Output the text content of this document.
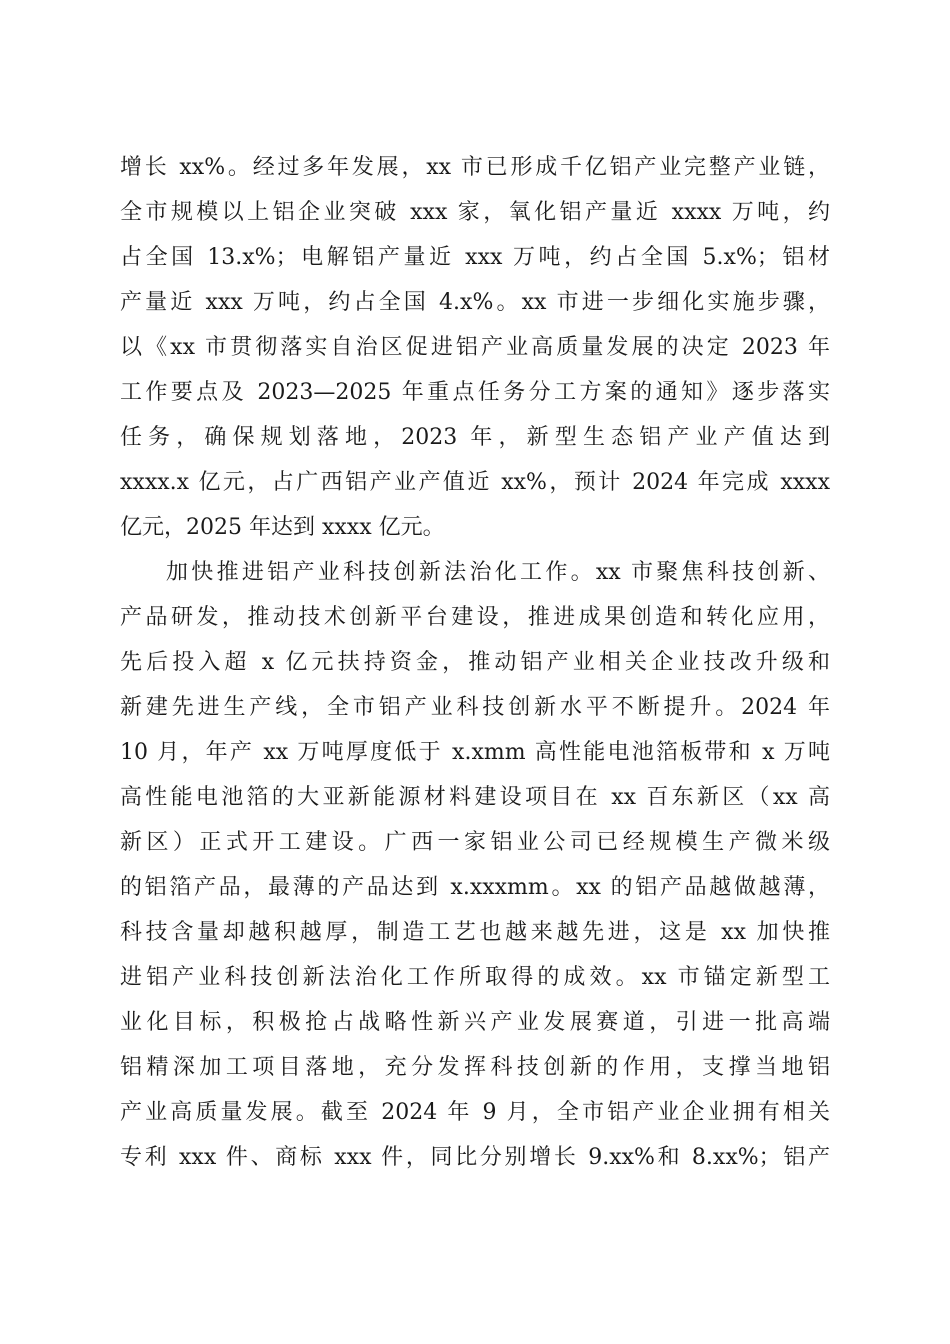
增长 xx%。经过多年发展，xx 市已形成千亿铝产业完整产业链，
全市规模以上铝企业突破 xxx 家，氧化铝产量近 xxxx 万吨，约
占全国 13.x%；电解铝产量近 xxx 万吨，约占全国 5.x%；铝材
产量近 xxx 万吨，约占全国 4.x%。xx 市进一步细化实施步骤，
以《xx 市贯彻落实自治区促进铝产业高质量发展的决定 2023 年
工作要点及 2023—2025 年重点任务分工方案的通知》逐步落实
任务，确保规划落地，2023 年，新型生态铝产业产值达到
xxxx.x 亿元，占广西铝产业产值近 xx%，预计 2024 年完成 xxxx
亿元，2025 年达到 xxxx 亿元。
加快推进铝产业科技创新法治化工作。xx 市聚焦科技创新、
产品研发，推动技术创新平台建设，推进成果创造和转化应用，
先后投入超 x 亿元扶持资金，推动铝产业相关企业技改升级和
新建先进生产线，全市铝产业科技创新水平不断提升。2024 年
10 月，年产 xx 万吨厚度低于 x.xmm 高性能电池箔板带和 x 万吨
高性能电池箔的大亚新能源材料建设项目在 xx 百东新区（xx 高
新区）正式开工建设。广西一家铝业公司已经规模生产微米级
的铝箔产品，最薄的产品达到 x.xxxmm。xx 的铝产品越做越薄，
科技含量却越积越厚，制造工艺也越来越先进，这是 xx 加快推
进铝产业科技创新法治化工作所取得的成效。xx 市锚定新型工
业化目标，积极抢占战略性新兴产业发展赛道，引进一批高端
铝精深加工项目落地，充分发挥科技创新的作用，支撑当地铝
产业高质量发展。截至 2024 年 9 月，全市铝产业企业拥有相关
专利 xxx 件、商标 xxx 件，同比分别增长 9.xx%和 8.xx%；铝产
